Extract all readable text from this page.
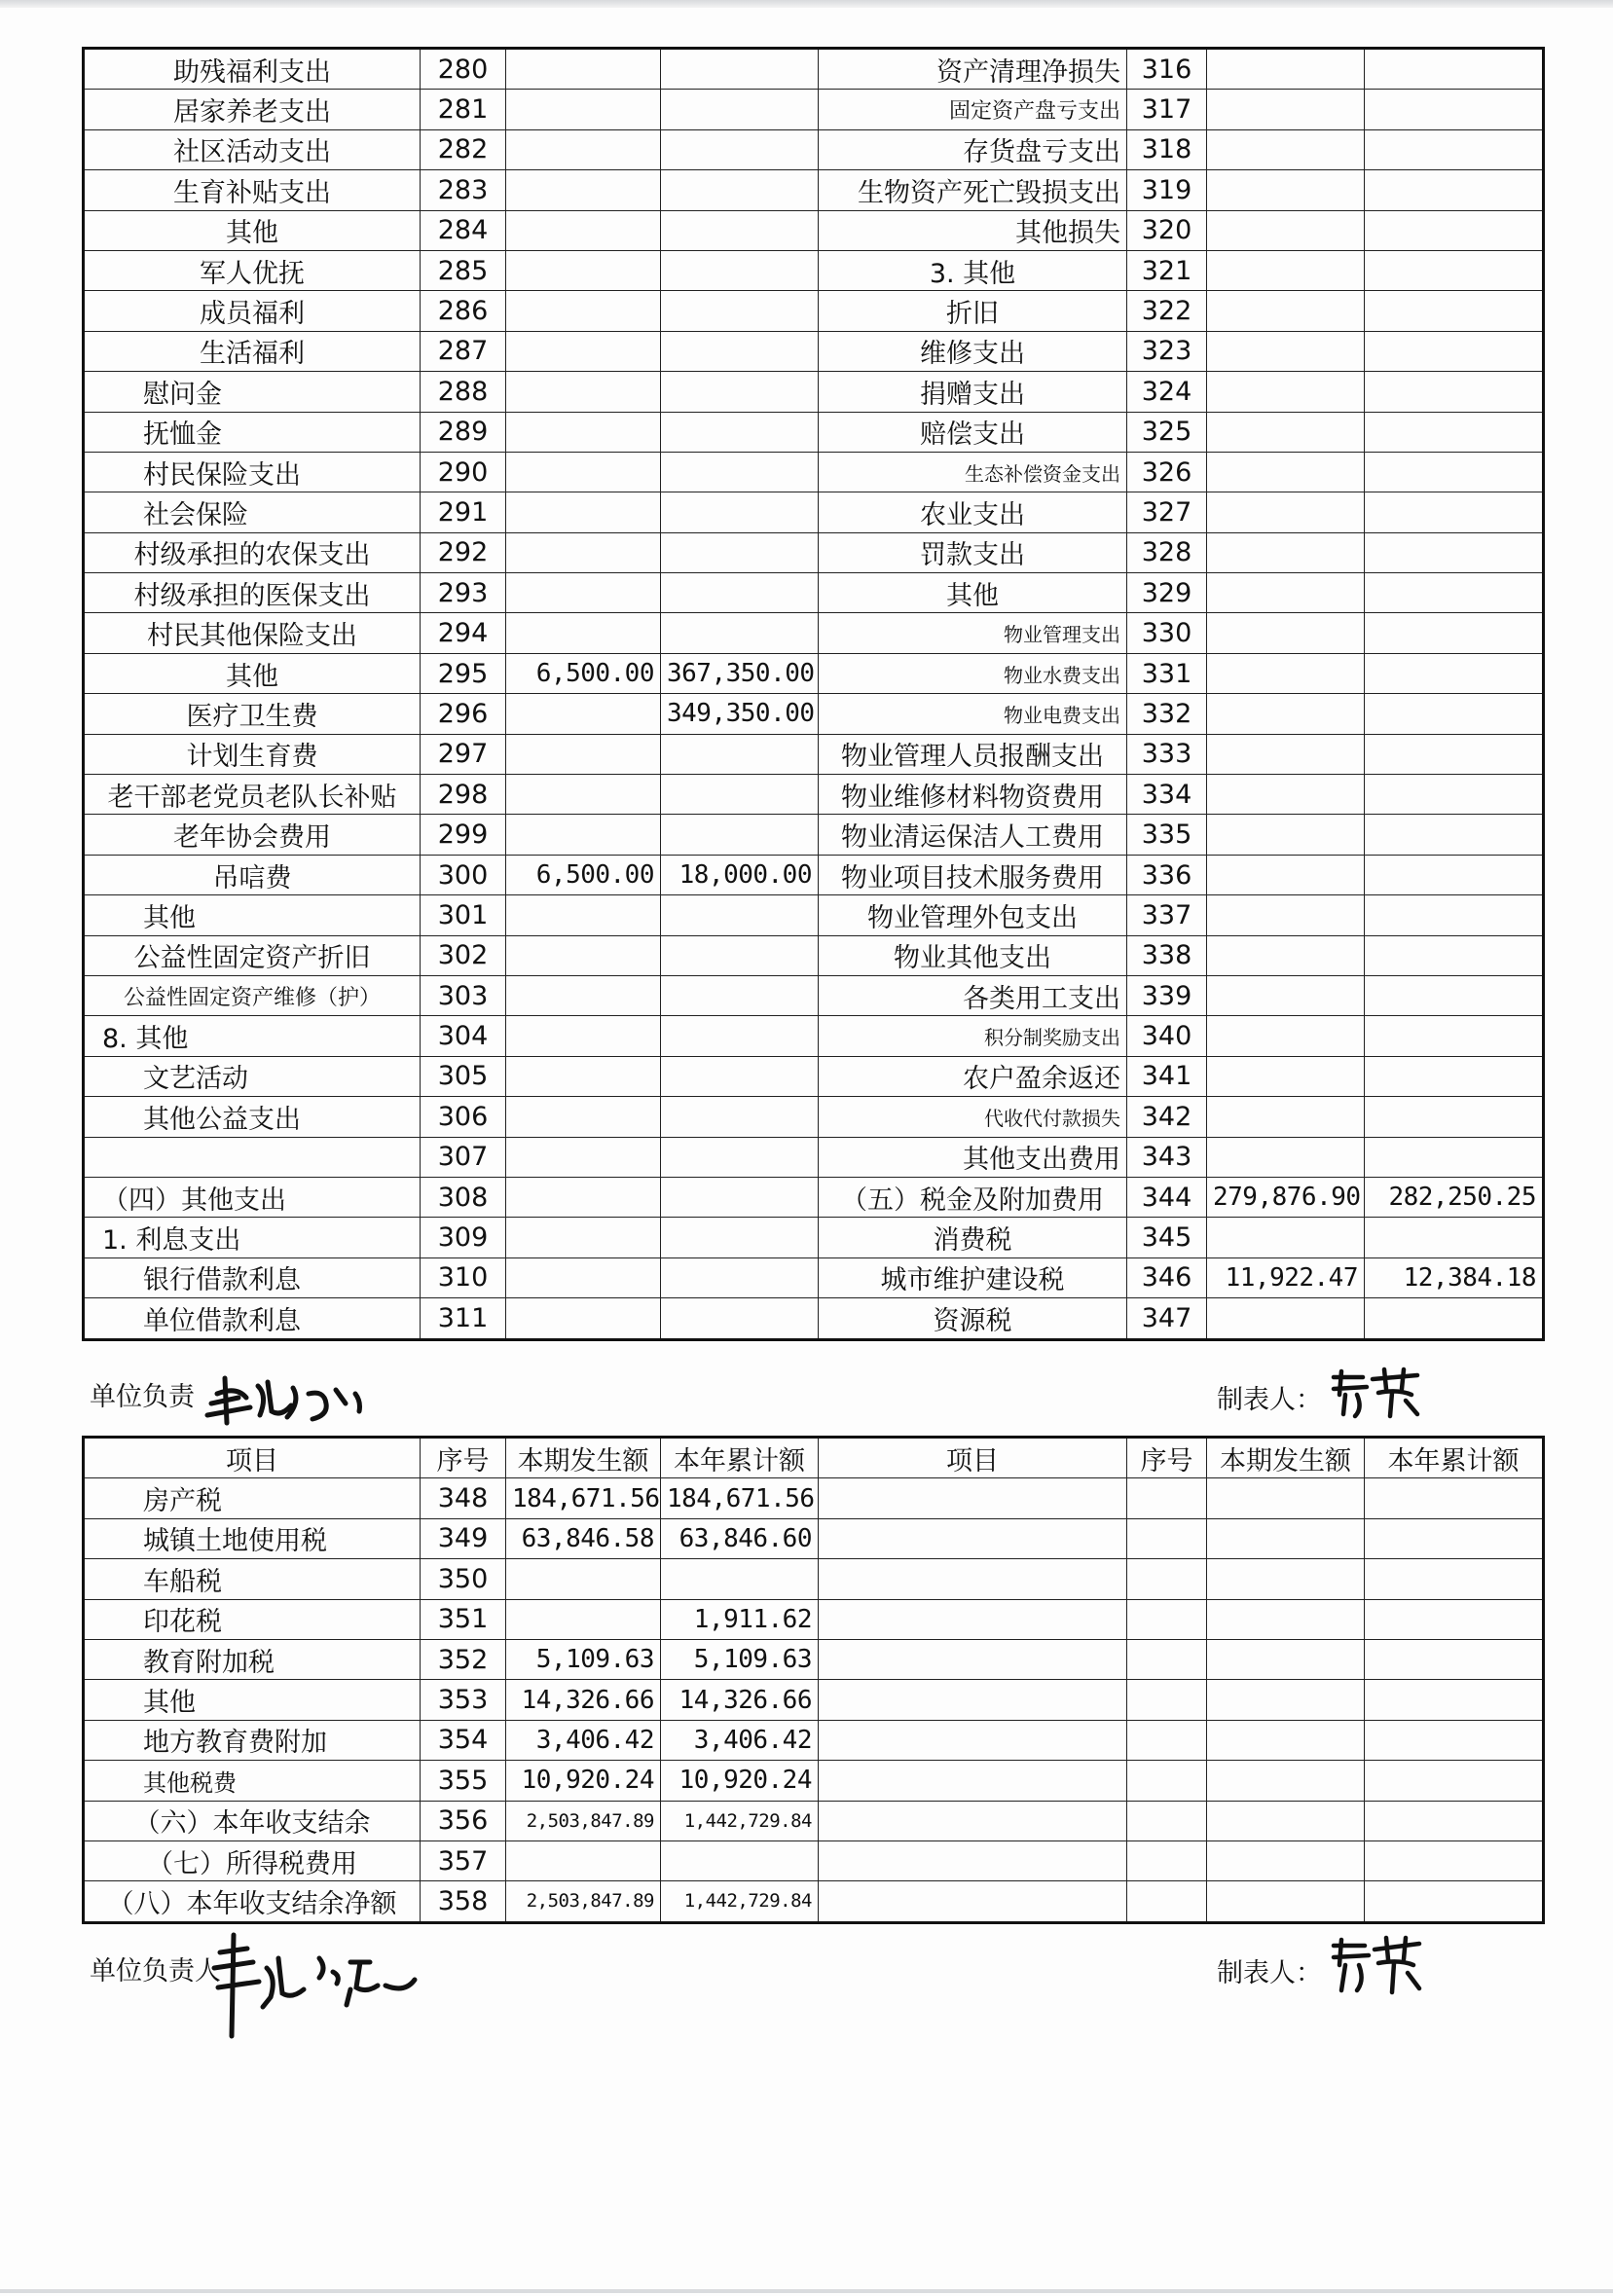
助残福利支出	280			资产清理净损失	316		
居家养老支出	281			固定资产盘亏支出	317		
社区活动支出	282			存货盘亏支出	318		
生育补贴支出	283			生物资产死亡毁损支出	319		
其他	284			其他损失	320		
军人优抚	285			3. 其他	321		
成员福利	286			折旧	322		
生活福利	287			维修支出	323		
慰问金	288			捐赠支出	324		
抚恤金	289			赔偿支出	325		
村民保险支出	290			生态补偿资金支出	326		
社会保险	291			农业支出	327		
村级承担的农保支出	292			罚款支出	328		
村级承担的医保支出	293			其他	329		
村民其他保险支出	294			物业管理支出	330		
其他	295	6,500.00	367,350.00	物业水费支出	331		
医疗卫生费	296		349,350.00	物业电费支出	332		
计划生育费	297			物业管理人员报酬支出	333		
老干部老党员老队长补贴	298			物业维修材料物资费用	334		
老年协会费用	299			物业清运保洁人工费用	335		
吊唁费	300	6,500.00	18,000.00	物业项目技术服务费用	336		
其他	301			物业管理外包支出	337		
公益性固定资产折旧	302			物业其他支出	338		
公益性固定资产维修（护）	303			各类用工支出	339		
8. 其他	304			积分制奖励支出	340		
文艺活动	305			农户盈余返还	341		
其他公益支出	306			代收代付款损失	342		
	307			其他支出费用	343		
（四）其他支出	308			（五）税金及附加费用	344	279,876.90	282,250.25
1. 利息支出	309			消费税	345		
银行借款利息	310			城市维护建设税	346	11,922.47	12,384.18
单位借款利息	311			资源税	347		
单位负责	制表人：
项目	序号	本期发生额	本年累计额	项目	序号	本期发生额	本年累计额
房产税	348	184,671.56	184,671.56				
城镇土地使用税	349	63,846.58	63,846.60				
车船税	350						
印花税	351		1,911.62				
教育附加税	352	5,109.63	5,109.63				
其他	353	14,326.66	14,326.66				
地方教育费附加	354	3,406.42	3,406.42				
其他税费	355	10,920.24	10,920.24				
（六）本年收支结余	356	2,503,847.89	1,442,729.84				
（七）所得税费用	357						
（八）本年收支结余净额	358	2,503,847.89	1,442,729.84				
单位负责人	制表人：
